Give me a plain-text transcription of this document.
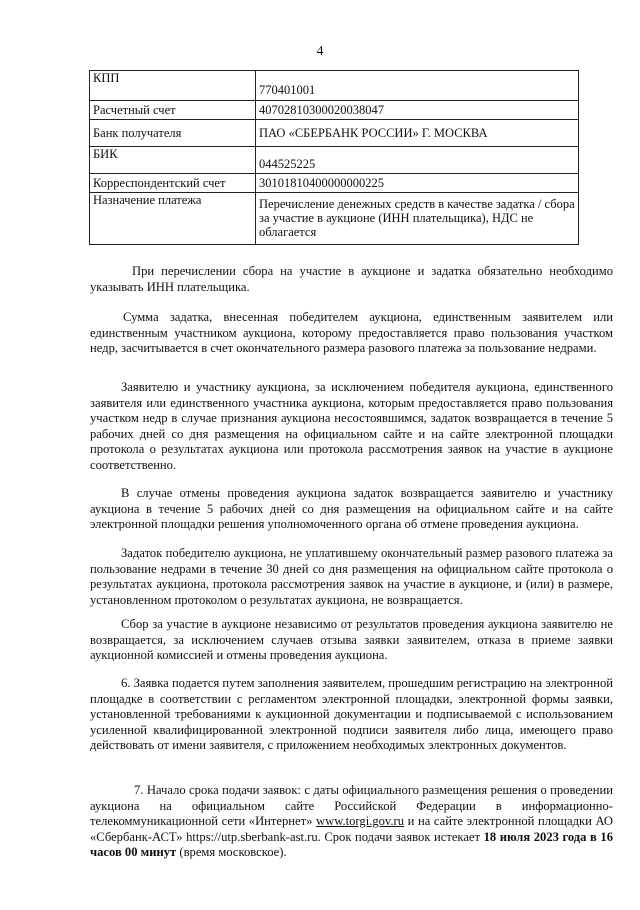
4
КПП	770401001

Расчетный счет	40702810300020038047
Банк получателя	ПАО «СБЕРБАНК РОССИИ» Г. МОСКВА
БИК	044525225

Корреспондентский счет	30101810400000000225
Назначение платежа	Перечисление денежных средств в качестве задатка / сбора за участие в аукционе (ИНН плательщика), НДС не облагается

При перечислении сбора на участие в аукционе и задатка обязательно необходимо указывать ИНН плательщика.

Сумма задатка, внесенная победителем аукциона, единственным заявителем или единственным участником аукциона, которому предоставляется право пользования участком недр, засчитывается в счет окончательного размера разового платежа за пользование недрами.

Заявителю и участнику аукциона, за исключением победителя аукциона, единственного заявителя или единственного участника аукциона, которым предоставляется право пользования участком недр в случае признания аукциона несостоявшимся, задаток возвращается в течение 5 рабочих дней со дня размещения на официальном сайте и на сайте электронной площадки протокола о результатах аукциона или протокола рассмотрения заявок на участие в аукционе соответственно.

В случае отмены проведения аукциона задаток возвращается заявителю и участнику аукциона в течение 5 рабочих дней со дня размещения на официальном сайте и на сайте электронной площадки решения уполномоченного органа об отмене проведения аукциона.

Задаток победителю аукциона, не уплатившему окончательный размер разового платежа за пользование недрами в течение 30 дней со дня размещения на официальном сайте протокола о результатах аукциона, протокола рассмотрения заявок на участие в аукционе, и (или) в размере, установленном протоколом о результатах аукциона, не возвращается.

Сбор за участие в аукционе независимо от результатов проведения аукциона заявителю не возвращается, за исключением случаев отзыва заявки заявителем, отказа в приеме заявки аукционной комиссией и отмены проведения аукциона.

6. Заявка подается путем заполнения заявителем, прошедшим регистрацию на электронной площадке в соответствии с регламентом электронной площадки, электронной формы заявки, установленной требованиями к аукционной документации и подписываемой с использованием усиленной квалифицированной электронной подписи заявителя либо лица, имеющего право действовать от имени заявителя, с приложением необходимых электронных документов.

7. Начало срока подачи заявок: с даты официального размещения решения о проведении аукциона на официальном сайте Российской Федерации в информационно-телекоммуникационной сети «Интернет» www.torgi.gov.ru и на сайте электронной площадки АО «Сбербанк-АСТ» https://utp.sberbank-ast.ru. Срок подачи заявок истекает 18 июля 2023 года в 16 часов 00 минут (время московское).
